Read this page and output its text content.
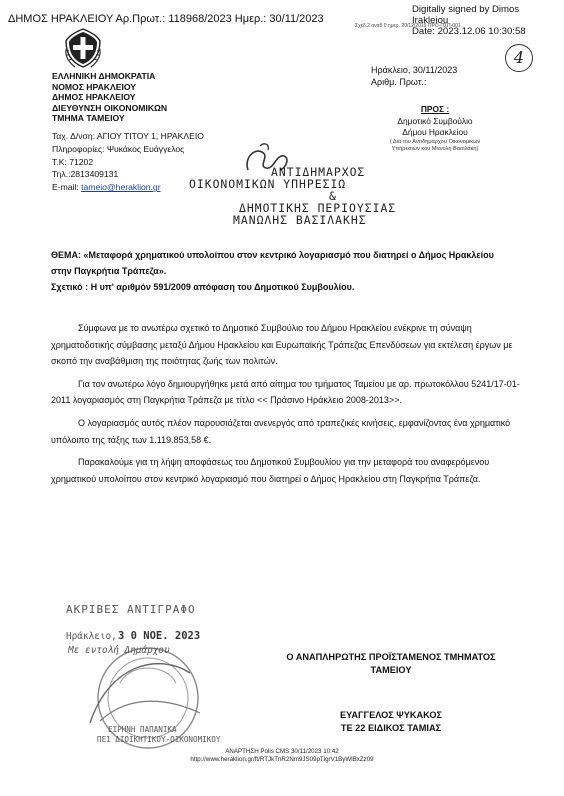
ΔΗΜΟΣ ΗΡΑΚΛΕΙΟΥ Αρ.Πρωτ.: 118968/2023 Ημερ.: 30/11/2023
Σχέδ.2 αναθ.0 ημερ. 20/12/2019 ΠΡΟ-ΠΣΠ-001
Digitally signed by Dimos
Irakleiou
Date: 2023.12.06 10:30:58
4
ΕΛΛΗΝΙΚΗ ΔΗΜΟΚΡΑΤΙΑ
ΝΟΜΟΣ ΗΡΑΚΛΕΙΟΥ
ΔΗΜΟΣ ΗΡΑΚΛΕΙΟΥ
ΔΙΕΥΘΥΝΣΗ ΟΙΚΟΝΟΜΙΚΩΝ
ΤΜΗΜΑ ΤΑΜΕΙΟΥ
Ταχ. Δ/νση: ΑΓΙΟΥ ΤΙΤΟΥ 1, ΗΡΑΚΛΕΙΟ
Πληροφορίες: Ψυκάκος Ευάγγελος
Τ.Κ: 71202
Τηλ.:2813409131
E-mail: tameio@heraklion.gr
Ηράκλειο, 30/11/2023
Αριθμ. Πρωτ.:
ΠΡΟΣ :
Δημοτικό Συμβούλιο
Δήμου Ηρακλείου
( Δια του Αντιδημάρχου Οικονομικών
Υπηρεσιών κου Μανόλη Βασιλάκη)
ΑΝΤΙΔΗΜΑΡΧΟΣ
ΟΙΚΟΝΟΜΙΚΩΝ ΥΠΗΡΕΣΙΩ
&
ΔΗΜΟΤΙΚΗΣ ΠΕΡΙΟΥΣΙΑΣ
ΜΑΝΩΛΗΣ ΒΑΣΙΛΑΚΗΣ
ΘΕΜΑ: «Μεταφορά χρηματικού υπολοίπου στον κεντρικό λογαριασμό που διατηρεί ο Δήμος Ηρακλείου
στην Παγκρήτια Τράπεζα».
Σχετικό : Η υπ' αριθμόν 591/2009 απόφαση του Δημοτικού Συμβουλίου.

Σύμφωνα με το ανωτέρω σχετικό το Δημοτικό Συμβούλιο του Δήμου Ηρακλείου ενέκρινε τη σύναψη χρηματοδοτικής σύμβασης μεταξύ Δήμου Ηρακλείου και Ευρωπαϊκής Τράπεζας Επενδύσεων για εκτέλεση έργων με σκοπό την αναβάθμιση της ποιότητας ζωής των πολιτών.

Για τον ανωτέρω λόγο δημιουργήθηκε μετά από αίτημα του τμήματος Ταμείου με αρ. πρωτοκόλλου 5241/17-01-2011 λογαριασμός στη Παγκρήτια Τράπεζα με τίτλο << Πράσινο Ηράκλειο 2008-2013>>.

Ο λογαριασμός αυτός πλέον παρουσιάζεται ανενεργός από τραπεζικές κινήσεις, εμφανίζοντας ένα χρηματικό υπόλοιπο της τάξης των 1.119.853,58 €.

Παρακαλούμε για τη λήψη αποφάσεως του Δημοτικού Συμβουλίου για την μεταφορά του αναφερόμενου χρηματικού υπολοίπου στον κεντρικό λογαριασμό που διατηρεί ο Δήμος Ηρακλείου στη Παγκρήτια Τράπεζα.

ΑΚΡΙΒΕΣ ΑΝΤΙΓΡΑΦΟ
Ηράκλειο, 3 0 ΝΟΕ. 2023
Με εντολή Δημάρχου
ΕΙΡΗΝΗ ΠΑΠΑΝΙΚΑ
ΠΕ1 ΔΙΟΙΚΗΤΙΚΟΥ-ΟΙΚΟΝΟΜΙΚΟΥ
Ο ΑΝΑΠΛΗΡΩΤΗΣ ΠΡΟΪΣΤΑΜΕΝΟΣ ΤΜΗΜΑΤΟΣ
ΤΑΜΕΙΟΥ
ΕΥΑΓΓΕΛΟΣ ΨΥΚΑΚΟΣ
ΤΕ 22 ΕΙΔΙΚΟΣ ΤΑΜΙΑΣ
ΑΝΑΡΤΗΣΗ Polis CMS 30/11/2023 10:42
http://www.heraklion.gr/ft/RTJkTnR2Nm9JS09pTlgrV1ByWlBxZz09
